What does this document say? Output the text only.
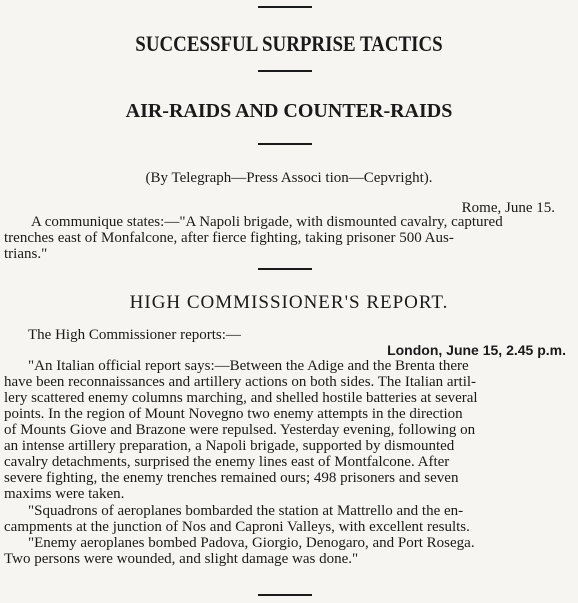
SUCCESSFUL SURPRISE TACTICS
AIR-RAIDS AND COUNTER-RAIDS
(By Telegraph—Press Associ tion—Cepvright).
Rome, June 15.
A communique states:—"A Napoli brigade, with dismounted cavalry, captured
trenches east of Monfalcone, after fierce fighting, taking prisoner 500 Aus-
trians."
HIGH COMMISSIONER'S REPORT.
The High Commissioner reports:—
London, June 15, 2.45 p.m.
"An Italian official report says:—Between the Adige and the Brenta there
have been reconnaissances and artillery actions on both sides. The Italian artil-
lery scattered enemy columns marching, and shelled hostile batteries at several
points. In the region of Mount Novegno two enemy attempts in the direction
of Mounts Giove and Brazone were repulsed. Yesterday evening, following on
an intense artillery preparation, a Napoli brigade, supported by dismounted
cavalry detachments, surprised the enemy lines east of Montfalcone. After
severe fighting, the enemy trenches remained ours; 498 prisoners and seven
maxims were taken.
"Squadrons of aeroplanes bombarded the station at Mattrello and the en-
campments at the junction of Nos and Caproni Valleys, with excellent results.
"Enemy aeroplanes bombed Padova, Giorgio, Denogaro, and Port Rosega.
Two persons were wounded, and slight damage was done."
